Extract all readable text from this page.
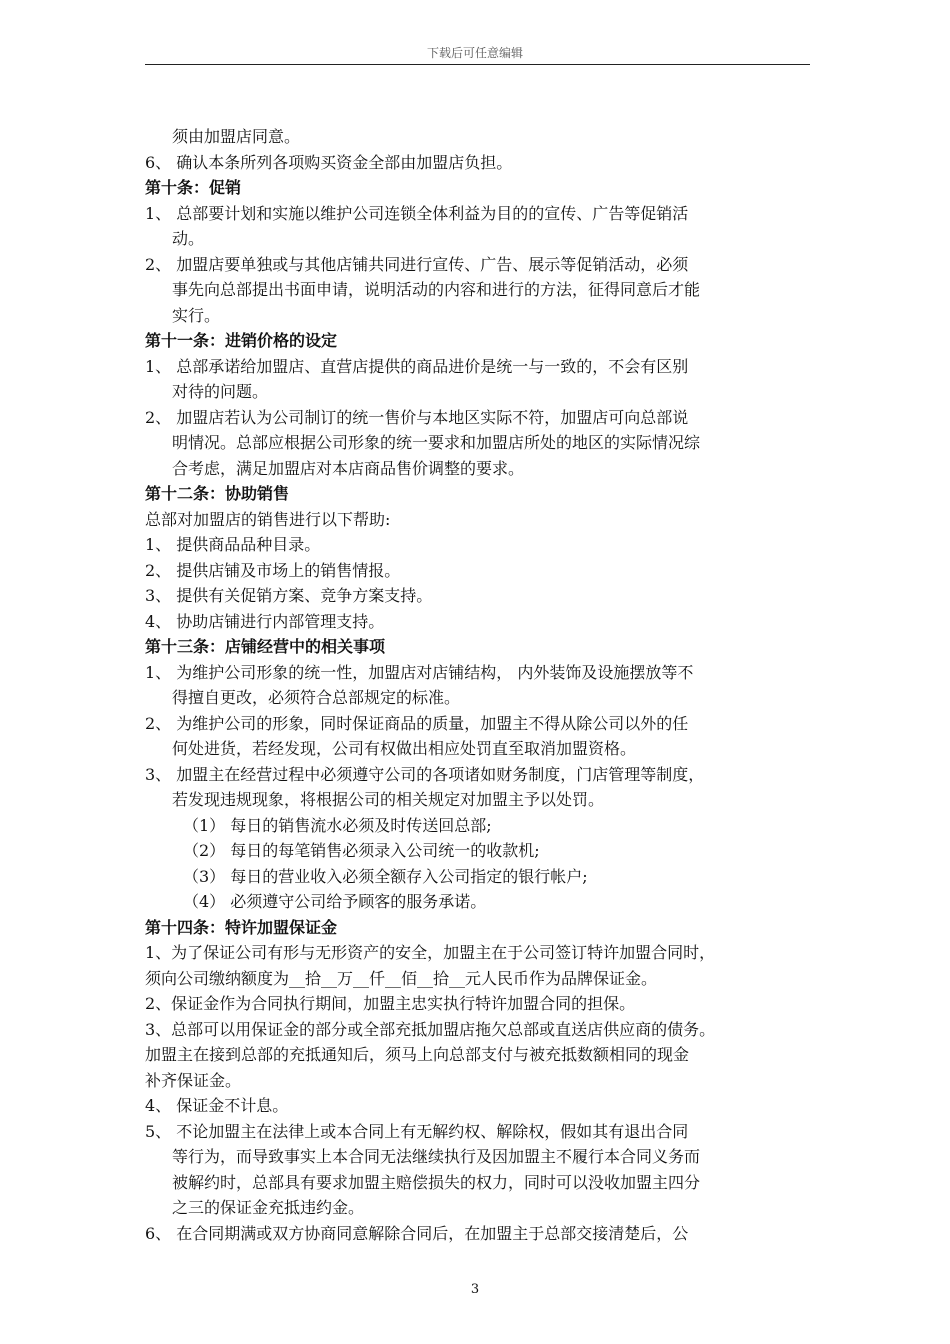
下载后可任意编辑
须由加盟店同意。
6、 确认本条所列各项购买资金全部由加盟店负担。
第十条：促销
1、 总部要计划和实施以维护公司连锁全体利益为目的的宣传、广告等促销活
动。
2、 加盟店要单独或与其他店铺共同进行宣传、广告、展示等促销活动，必须
事先向总部提出书面申请，说明活动的内容和进行的方法，征得同意后才能
实行。
第十一条：进销价格的设定
1、 总部承诺给加盟店、直营店提供的商品进价是统一与一致的，不会有区别
对待的问题。
2、 加盟店若认为公司制订的统一售价与本地区实际不符，加盟店可向总部说
明情况。总部应根据公司形象的统一要求和加盟店所处的地区的实际情况综
合考虑，满足加盟店对本店商品售价调整的要求。
第十二条：协助销售
总部对加盟店的销售进行以下帮助:
1、 提供商品品种目录。
2、 提供店铺及市场上的销售情报。
3、 提供有关促销方案、竞争方案支持。
4、 协助店铺进行内部管理支持。
第十三条：店铺经营中的相关事项
1、 为维护公司形象的统一性，加盟店对店铺结构， 内外装饰及设施摆放等不
得擅自更改，必须符合总部规定的标准。
2、 为维护公司的形象，同时保证商品的质量，加盟主不得从除公司以外的任
何处进货，若经发现，公司有权做出相应处罚直至取消加盟资格。
3、 加盟主在经营过程中必须遵守公司的各项诸如财务制度，门店管理等制度，
若发现违规现象，将根据公司的相关规定对加盟主予以处罚。
（1） 每日的销售流水必须及时传送回总部;
（2） 每日的每笔销售必须录入公司统一的收款机;
（3） 每日的营业收入必须全额存入公司指定的银行帐户;
（4） 必须遵守公司给予顾客的服务承诺。
第十四条：特许加盟保证金
1、为了保证公司有形与无形资产的安全，加盟主在于公司签订特许加盟合同时，
须向公司缴纳额度为__拾__万__仟__佰__拾__元人民币作为品牌保证金。
2、保证金作为合同执行期间，加盟主忠实执行特许加盟合同的担保。
3、总部可以用保证金的部分或全部充抵加盟店拖欠总部或直送店供应商的债务。
加盟主在接到总部的充抵通知后，须马上向总部支付与被充抵数额相同的现金
补齐保证金。
4、 保证金不计息。
5、 不论加盟主在法律上或本合同上有无解约权、解除权，假如其有退出合同
等行为，而导致事实上本合同无法继续执行及因加盟主不履行本合同义务而
被解约时，总部具有要求加盟主赔偿损失的权力，同时可以没收加盟主四分
之三的保证金充抵违约金。
6、 在合同期满或双方协商同意解除合同后，在加盟主于总部交接清楚后，公
3
